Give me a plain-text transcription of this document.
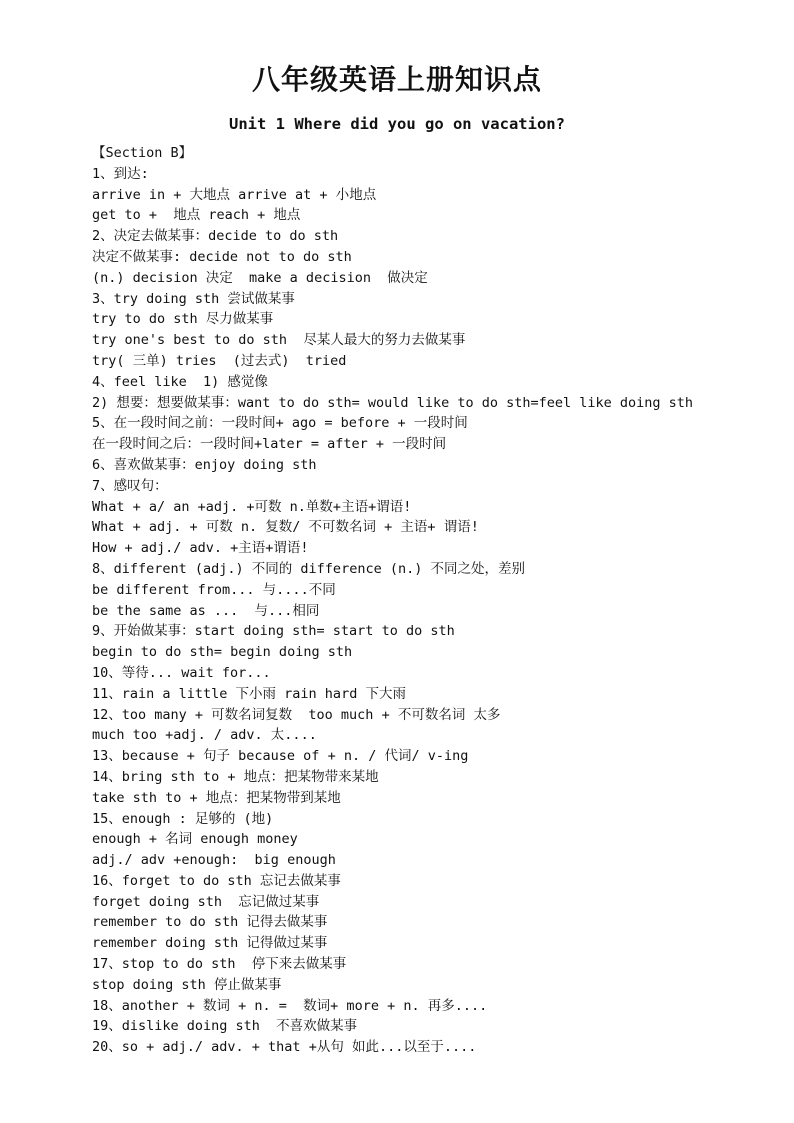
八年级英语上册知识点
Unit 1 Where did you go on vacation?
【Section B】
1、到达:
arrive in + 大地点 arrive at + 小地点
get to +  地点 reach + 地点
2、决定去做某事：decide to do sth
决定不做某事: decide not to do sth
(n.) decision 决定  make a decision  做决定
3、try doing sth 尝试做某事
try to do sth 尽力做某事
try one's best to do sth  尽某人最大的努力去做某事
try( 三单) tries  (过去式)  tried
4、feel like  1) 感觉像
2) 想要：想要做某事：want to do sth= would like to do sth=feel like doing sth
5、在一段时间之前：一段时间+ ago = before + 一段时间
在一段时间之后：一段时间+later = after + 一段时间
6、喜欢做某事：enjoy doing sth
7、感叹句：
What + a/ an +adj. +可数 n.单数+主语+谓语!
What + adj. + 可数 n. 复数/ 不可数名词 + 主语+ 谓语!
How + adj./ adv. +主语+谓语!
8、different (adj.) 不同的 difference (n.) 不同之处，差别
be different from... 与....不同
be the same as ...  与...相同
9、开始做某事：start doing sth= start to do sth
begin to do sth= begin doing sth
10、等待... wait for...
11、rain a little 下小雨 rain hard 下大雨
12、too many + 可数名词复数  too much + 不可数名词 太多
much too +adj. / adv. 太....
13、because + 句子 because of + n. / 代词/ v-ing
14、bring sth to + 地点：把某物带来某地
take sth to + 地点：把某物带到某地
15、enough : 足够的 (地)
enough + 名词 enough money
adj./ adv +enough:  big enough
16、forget to do sth 忘记去做某事
forget doing sth  忘记做过某事
remember to do sth 记得去做某事
remember doing sth 记得做过某事
17、stop to do sth  停下来去做某事
stop doing sth 停止做某事
18、another + 数词 + n. =  数词+ more + n. 再多....
19、dislike doing sth  不喜欢做某事
20、so + adj./ adv. + that +从句 如此...以至于....
